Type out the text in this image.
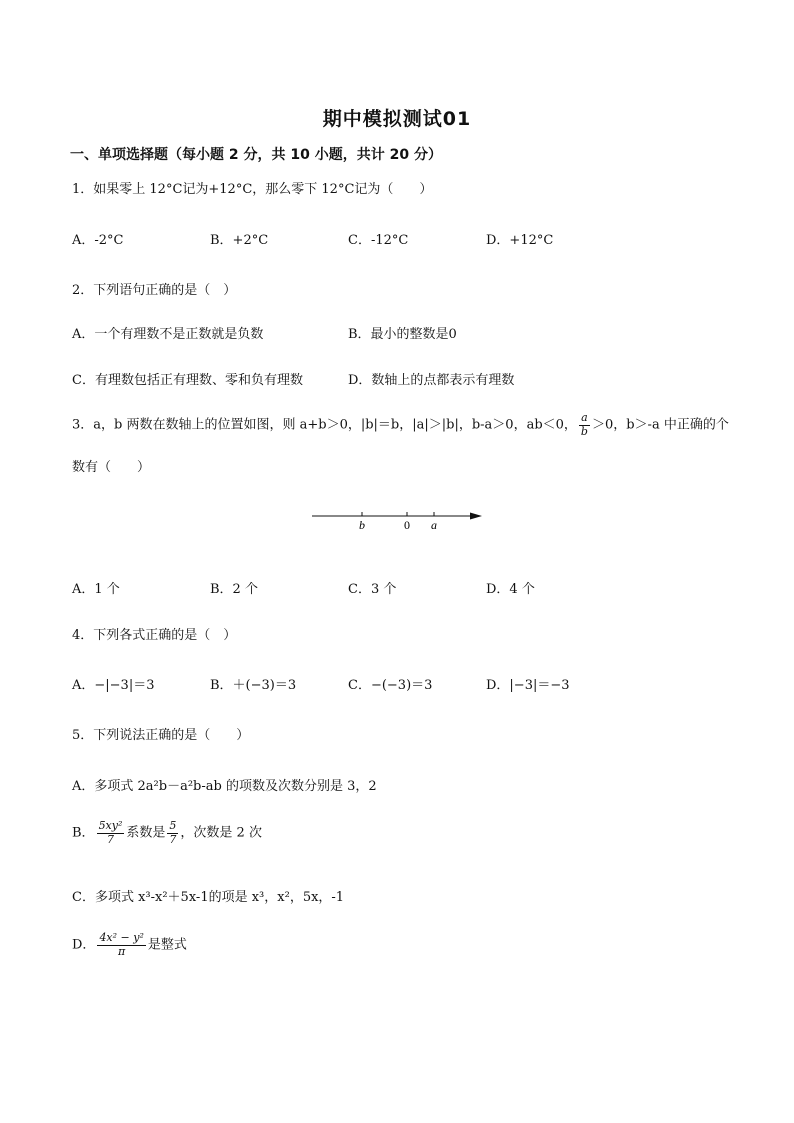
期中模拟测试01
一、单项选择题（每小题 2 分，共 10 小题，共计 20 分）
1．如果零上 12°C记为+12°C，那么零下 12°C记为（　　）
A．-2°C	B．+2°C	C．-12°C	D．+12°C
2．下列语句正确的是（　）
A．一个有理数不是正数就是负数	B．最小的整数是0
C．有理数包括正有理数、零和负有理数	D．数轴上的点都表示有理数
3．a，b 两数在数轴上的位置如图，则 a+b＞0，|b|＝b，|a|＞|b|，b-a＞0，ab＜0， $\frac{a}{b} >0$，b＞-a 中正确的个
数有（　　）
b	0 a
A．1 个	B．2 个	C．3 个	D．4 个
4．下列各式正确的是（　）
A．−|−3|＝3	B．＋(−3)＝3	C．−(−3)＝3	D．|−3|＝−3
5．下列说法正确的是（　　）
A．多项式 2a²b－a²b-ab 的项数及次数分别是 3，2
B． $\frac{\text{5xy²}}{7}$ 系数是 $\frac{5}{7}$ ，次数是 2 次
C．多项式 x³-x²＋5x-1的项是 x³，x²，5x，-1
D． $\frac{\text{4x² − y²}}{\pi}$ 是整式
